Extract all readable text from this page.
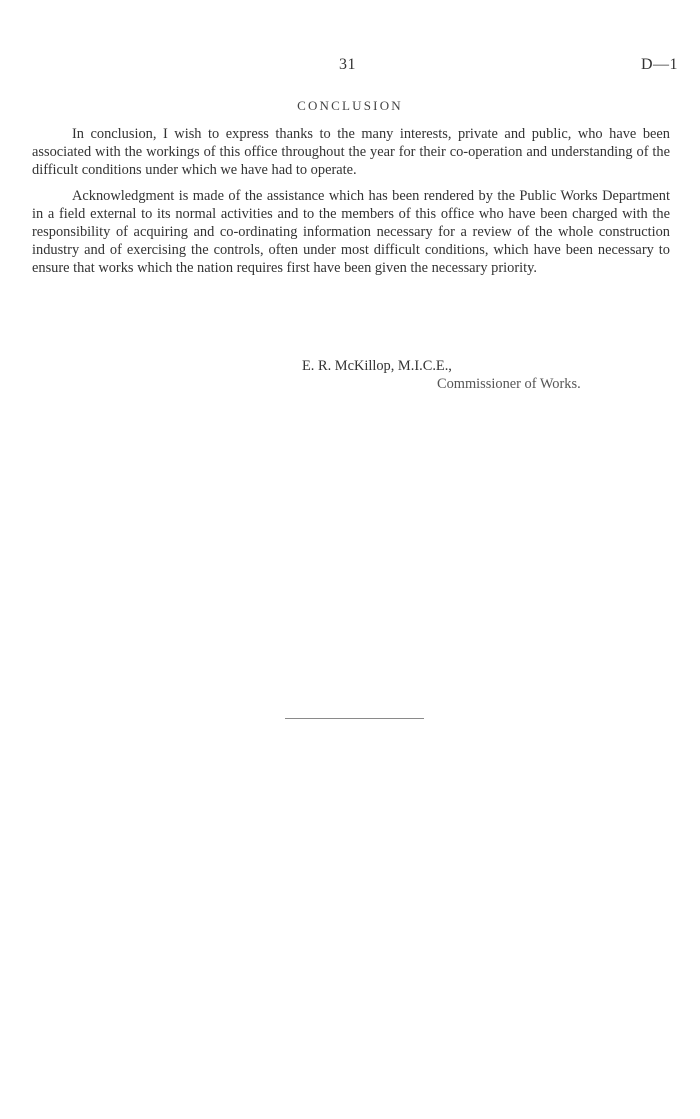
31	D—1
CONCLUSION

In conclusion, I wish to express thanks to the many interests, private and public, who have been associated with the workings of this office throughout the year for their co-operation and understanding of the difficult conditions under which we have had to operate.

Acknowledgment is made of the assistance which has been rendered by the Public Works Department in a field external to its normal activities and to the members of this office who have been charged with the responsibility of acquiring and co-ordinating information necessary for a review of the whole construction industry and of exercising the controls, often under most difficult conditions, which have been necessary to ensure that works which the nation requires first have been given the necessary priority.

E. R. McKillop, M.I.C.E.,
Commissioner of Works.
